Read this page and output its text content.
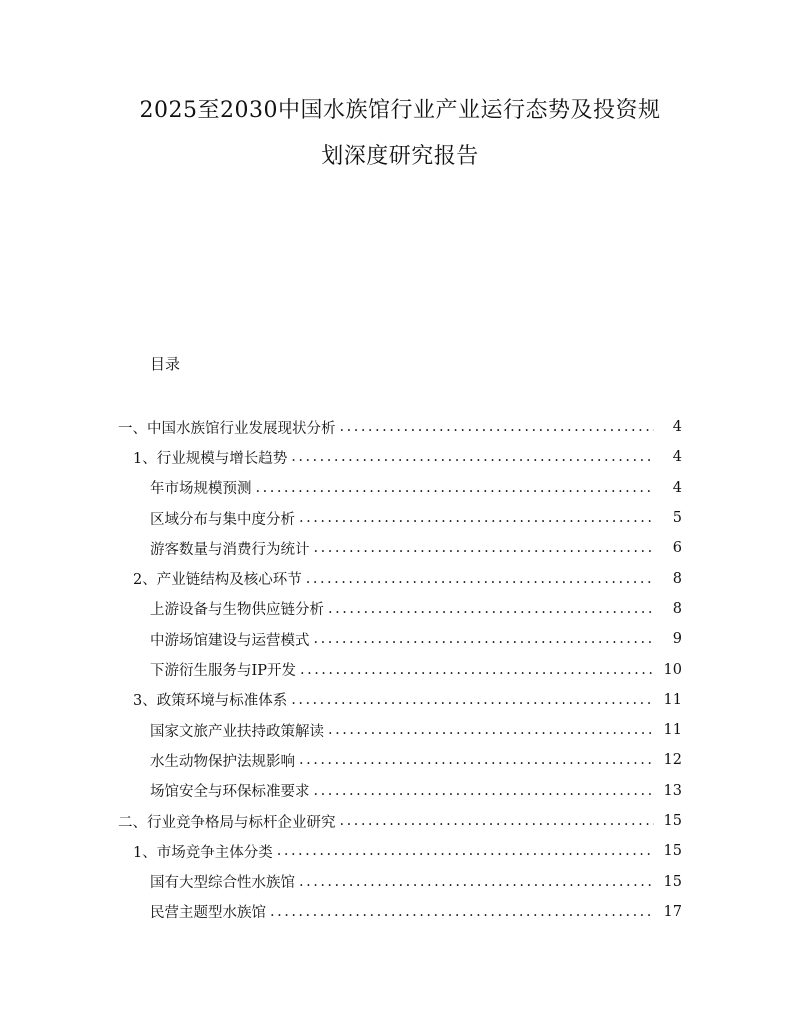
2025至2030中国水族馆行业产业运行态势及投资规
划深度研究报告
目录
一、中国水族馆行业发展现状分析 .....	4
1、行业规模与增长趋势 .....	4
年市场规模预测 .....	4
区域分布与集中度分析 .....	5
游客数量与消费行为统计 .....	6
2、产业链结构及核心环节 .....	8
上游设备与生物供应链分析 .....	8
中游场馆建设与运营模式 .....	9
下游衍生服务与IP开发 .....	10
3、政策环境与标准体系 .....	11
国家文旅产业扶持政策解读 .....	11
水生动物保护法规影响 .....	12
场馆安全与环保标准要求 .....	13
二、行业竞争格局与标杆企业研究 .....	15
1、市场竞争主体分类 .....	15
国有大型综合性水族馆 .....	15
民营主题型水族馆 .....	17
